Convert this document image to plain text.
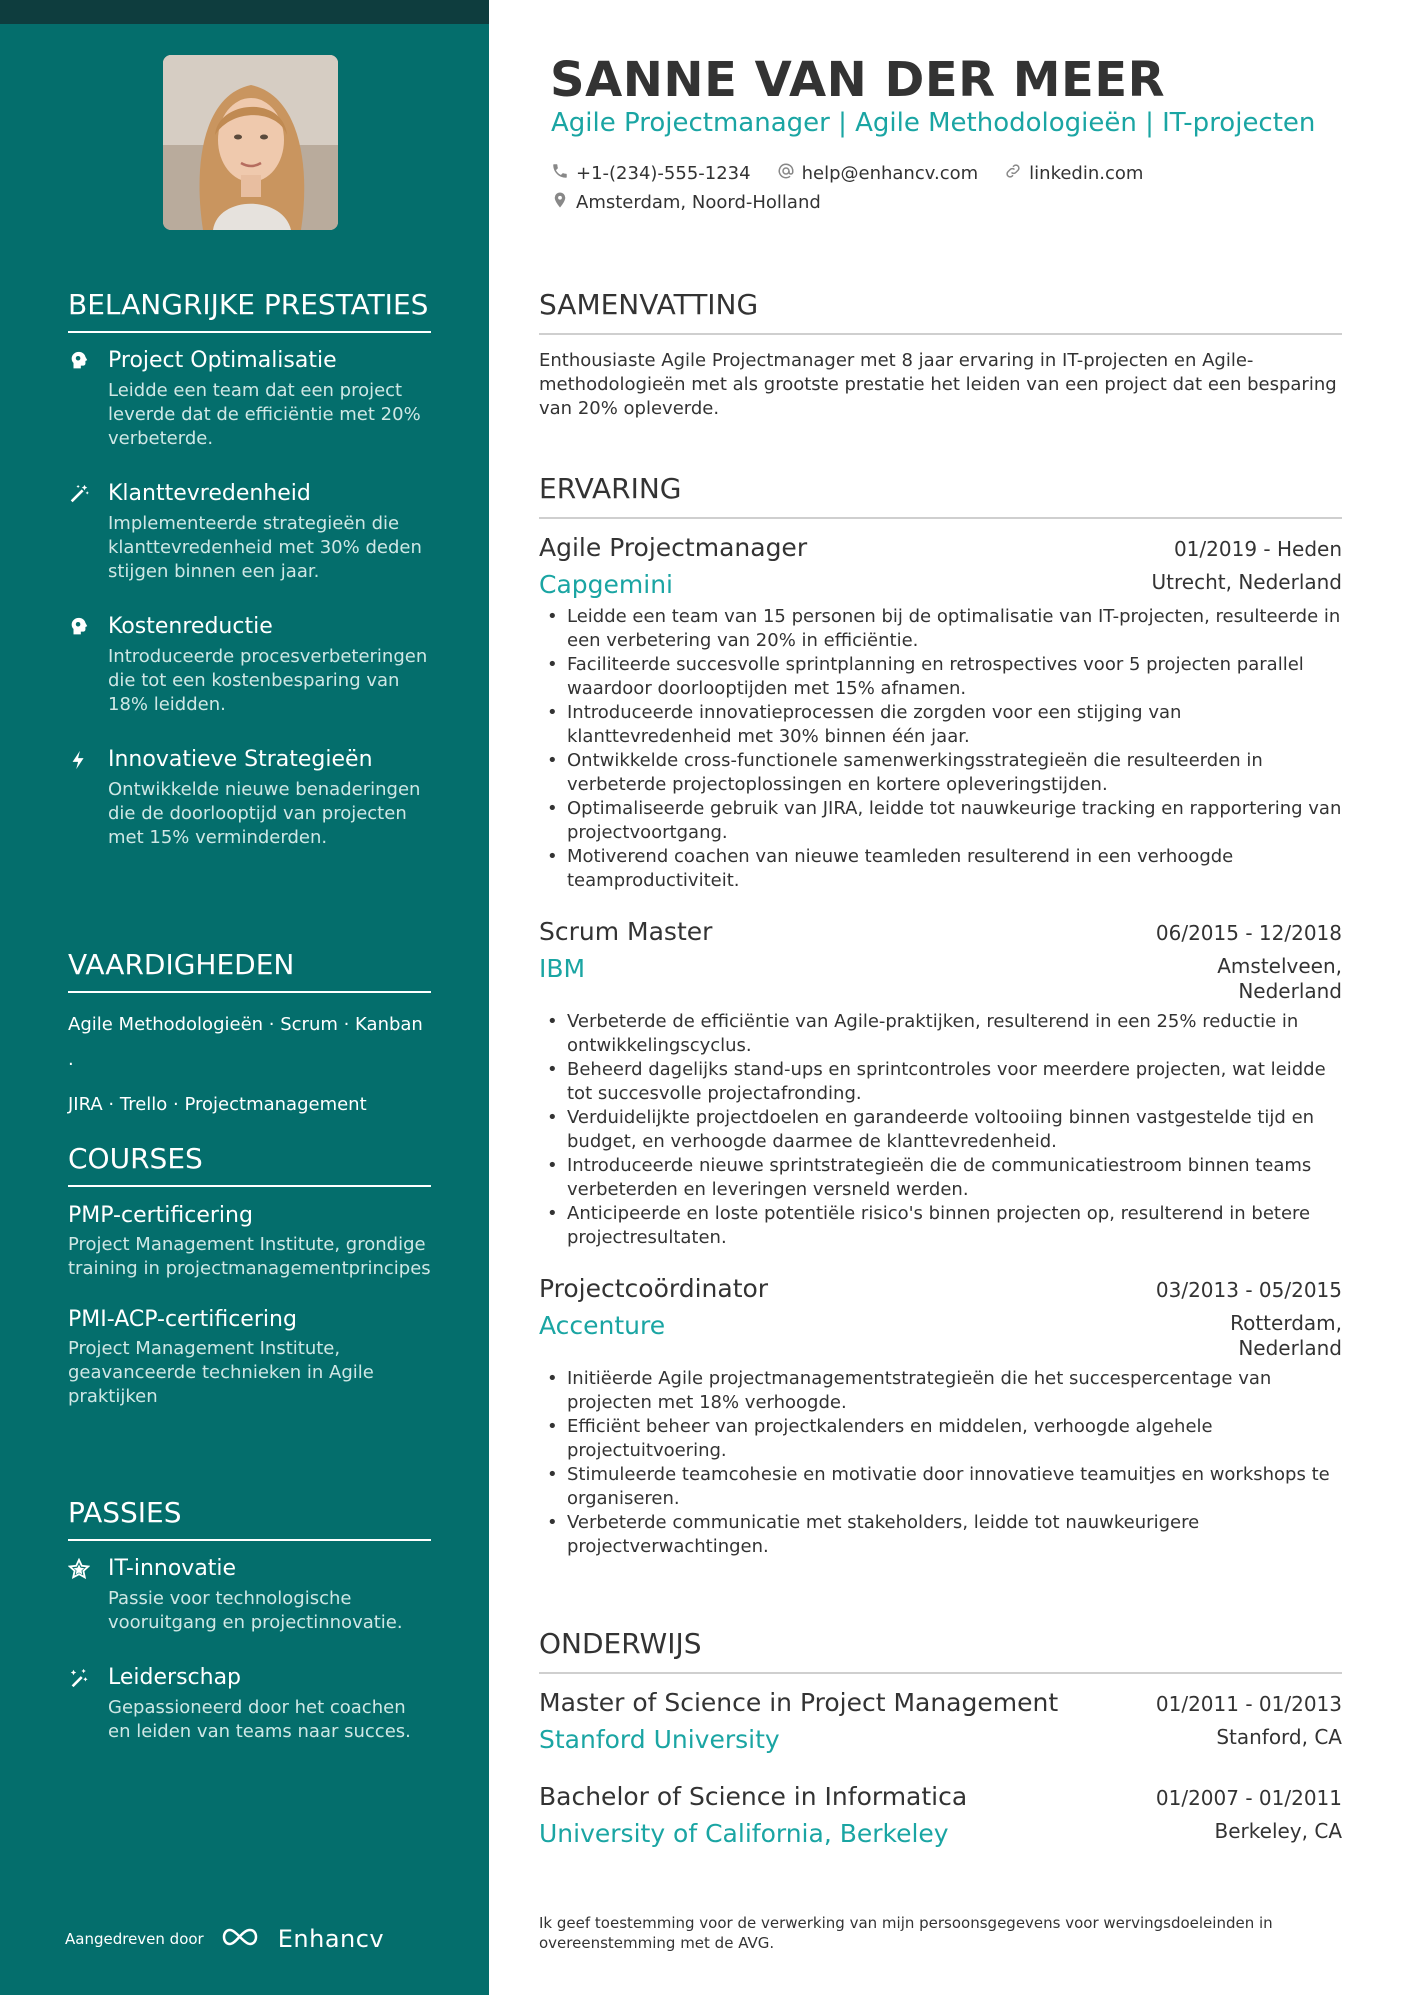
BELANGRIJKE PRESTATIES
Project Optimalisatie
Leidde een team dat een project leverde dat de efficiëntie met 20% verbeterde.
Klanttevredenheid
Implementeerde strategieën die klanttevredenheid met 30% deden stijgen binnen een jaar.
Kostenreductie
Introduceerde procesverbeteringen die tot een kostenbesparing van 18% leidden.
Innovatieve Strategieën
Ontwikkelde nieuwe benaderingen die de doorlooptijd van projecten met 15% verminderden.
VAARDIGHEDEN
Agile Methodologieën · Scrum · Kanban ·
JIRA · Trello · Projectmanagement
COURSES
PMP-certificering
Project Management Institute, grondige training in projectmanagementprincipes
PMI-ACP-certificering
Project Management Institute, geavanceerde technieken in Agile praktijken
PASSIES
IT-innovatie
Passie voor technologische vooruitgang en projectinnovatie.
Leiderschap
Gepassioneerd door het coachen en leiden van teams naar succes.
Aangedreven door	Enhancv
SANNE VAN DER MEER
Agile Projectmanager | Agile Methodologieën | IT-projecten
+1-(234)-555-1234	help@enhancv.com	linkedin.com
Amsterdam, Noord-Holland
SAMENVATTING
Enthousiaste Agile Projectmanager met 8 jaar ervaring in IT-projecten en Agile-methodologieën met als grootste prestatie het leiden van een project dat een besparing van 20% opleverde.
ERVARING
Agile Projectmanager	01/2019 - Heden
Capgemini	Utrecht, Nederland
• Leidde een team van 15 personen bij de optimalisatie van IT-projecten, resulteerde in een verbetering van 20% in efficiëntie.
• Faciliteerde succesvolle sprintplanning en retrospectives voor 5 projecten parallel waardoor doorlooptijden met 15% afnamen.
• Introduceerde innovatieprocessen die zorgden voor een stijging van klanttevredenheid met 30% binnen één jaar.
• Ontwikkelde cross-functionele samenwerkingsstrategieën die resulteerden in verbeterde projectoplossingen en kortere opleveringstijden.
• Optimaliseerde gebruik van JIRA, leidde tot nauwkeurige tracking en rapportering van projectvoortgang.
• Motiverend coachen van nieuwe teamleden resulterend in een verhoogde teamproductiviteit.
Scrum Master	06/2015 - 12/2018
IBM	Amstelveen, Nederland
• Verbeterde de efficiëntie van Agile-praktijken, resulterend in een 25% reductie in ontwikkelingscyclus.
• Beheerd dagelijks stand-ups en sprintcontroles voor meerdere projecten, wat leidde tot succesvolle projectafronding.
• Verduidelijkte projectdoelen en garandeerde voltooiing binnen vastgestelde tijd en budget, en verhoogde daarmee de klanttevredenheid.
• Introduceerde nieuwe sprintstrategieën die de communicatiestroom binnen teams verbeterden en leveringen versneld werden.
• Anticipeerde en loste potentiële risico's binnen projecten op, resulterend in betere projectresultaten.
Projectcoördinator	03/2013 - 05/2015
Accenture	Rotterdam, Nederland
• Initiëerde Agile projectmanagementstrategieën die het succespercentage van projecten met 18% verhoogde.
• Efficiënt beheer van projectkalenders en middelen, verhoogde algehele projectuitvoering.
• Stimuleerde teamcohesie en motivatie door innovatieve teamuitjes en workshops te organiseren.
• Verbeterde communicatie met stakeholders, leidde tot nauwkeurigere projectverwachtingen.
ONDERWIJS
Master of Science in Project Management	01/2011 - 01/2013
Stanford University	Stanford, CA
Bachelor of Science in Informatica	01/2007 - 01/2011
University of California, Berkeley	Berkeley, CA
Ik geef toestemming voor de verwerking van mijn persoonsgegevens voor wervingsdoeleinden in overeenstemming met de AVG.
